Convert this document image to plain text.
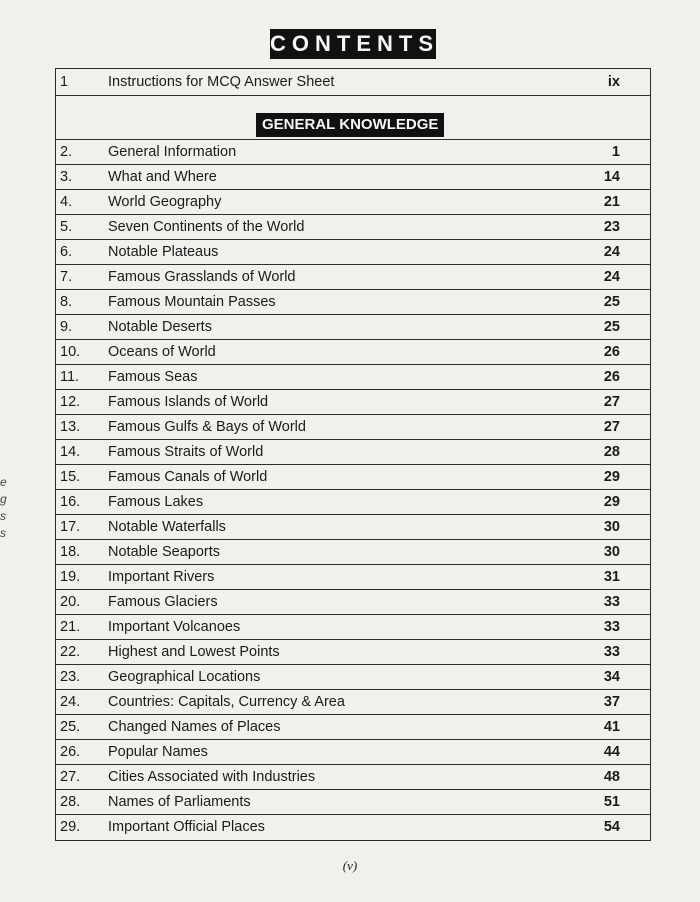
CONTENTS
1	Instructions for MCQ Answer Sheet	ix
GENERAL KNOWLEDGE
2. General Information	1
3. What and Where	14
4. World Geography	21
5. Seven Continents of the World	23
6. Notable Plateaus	24
7. Famous Grasslands of World	24
8. Famous Mountain Passes	25
9. Notable Deserts	25
10. Oceans of World	26
11. Famous Seas	26
12. Famous Islands of World	27
13. Famous Gulfs & Bays of World	27
14. Famous Straits of World	28
15. Famous Canals of World	29
16. Famous Lakes	29
17. Notable Waterfalls	30
18. Notable Seaports	30
19. Important Rivers	31
20. Famous Glaciers	33
21. Important Volcanoes	33
22. Highest and Lowest Points	33
23. Geographical Locations	34
24. Countries: Capitals, Currency & Area	37
25. Changed Names of Places	41
26. Popular Names	44
27. Cities Associated with Industries	48
28. Names of Parliaments	51
29. Important Official Places	54
e
g
s
s
(v)
